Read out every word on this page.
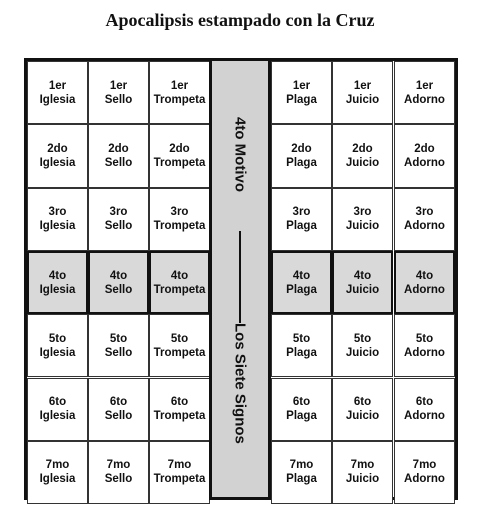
Apocalipsis estampado con la Cruz
1er
Iglesia
1er
Sello
1er
Trompeta
1er
Plaga
1er
Juicio
1er
Adorno
2do
Iglesia
2do
Sello
2do
Trompeta
2do
Plaga
2do
Juicio
2do
Adorno
3ro
Iglesia
3ro
Sello
3ro
Trompeta
3ro
Plaga
3ro
Juicio
3ro
Adorno
4to
Iglesia
4to
Sello
4to
Trompeta
4to
Plaga
4to
Juicio
4to
Adorno
5to
Iglesia
5to
Sello
5to
Trompeta
5to
Plaga
5to
Juicio
5to
Adorno
6to
Iglesia
6to
Sello
6to
Trompeta
6to
Plaga
6to
Juicio
6to
Adorno
7mo
Iglesia
7mo
Sello
7mo
Trompeta
7mo
Plaga
7mo
Juicio
7mo
Adorno
4to Motivo
Los Siete Signos
